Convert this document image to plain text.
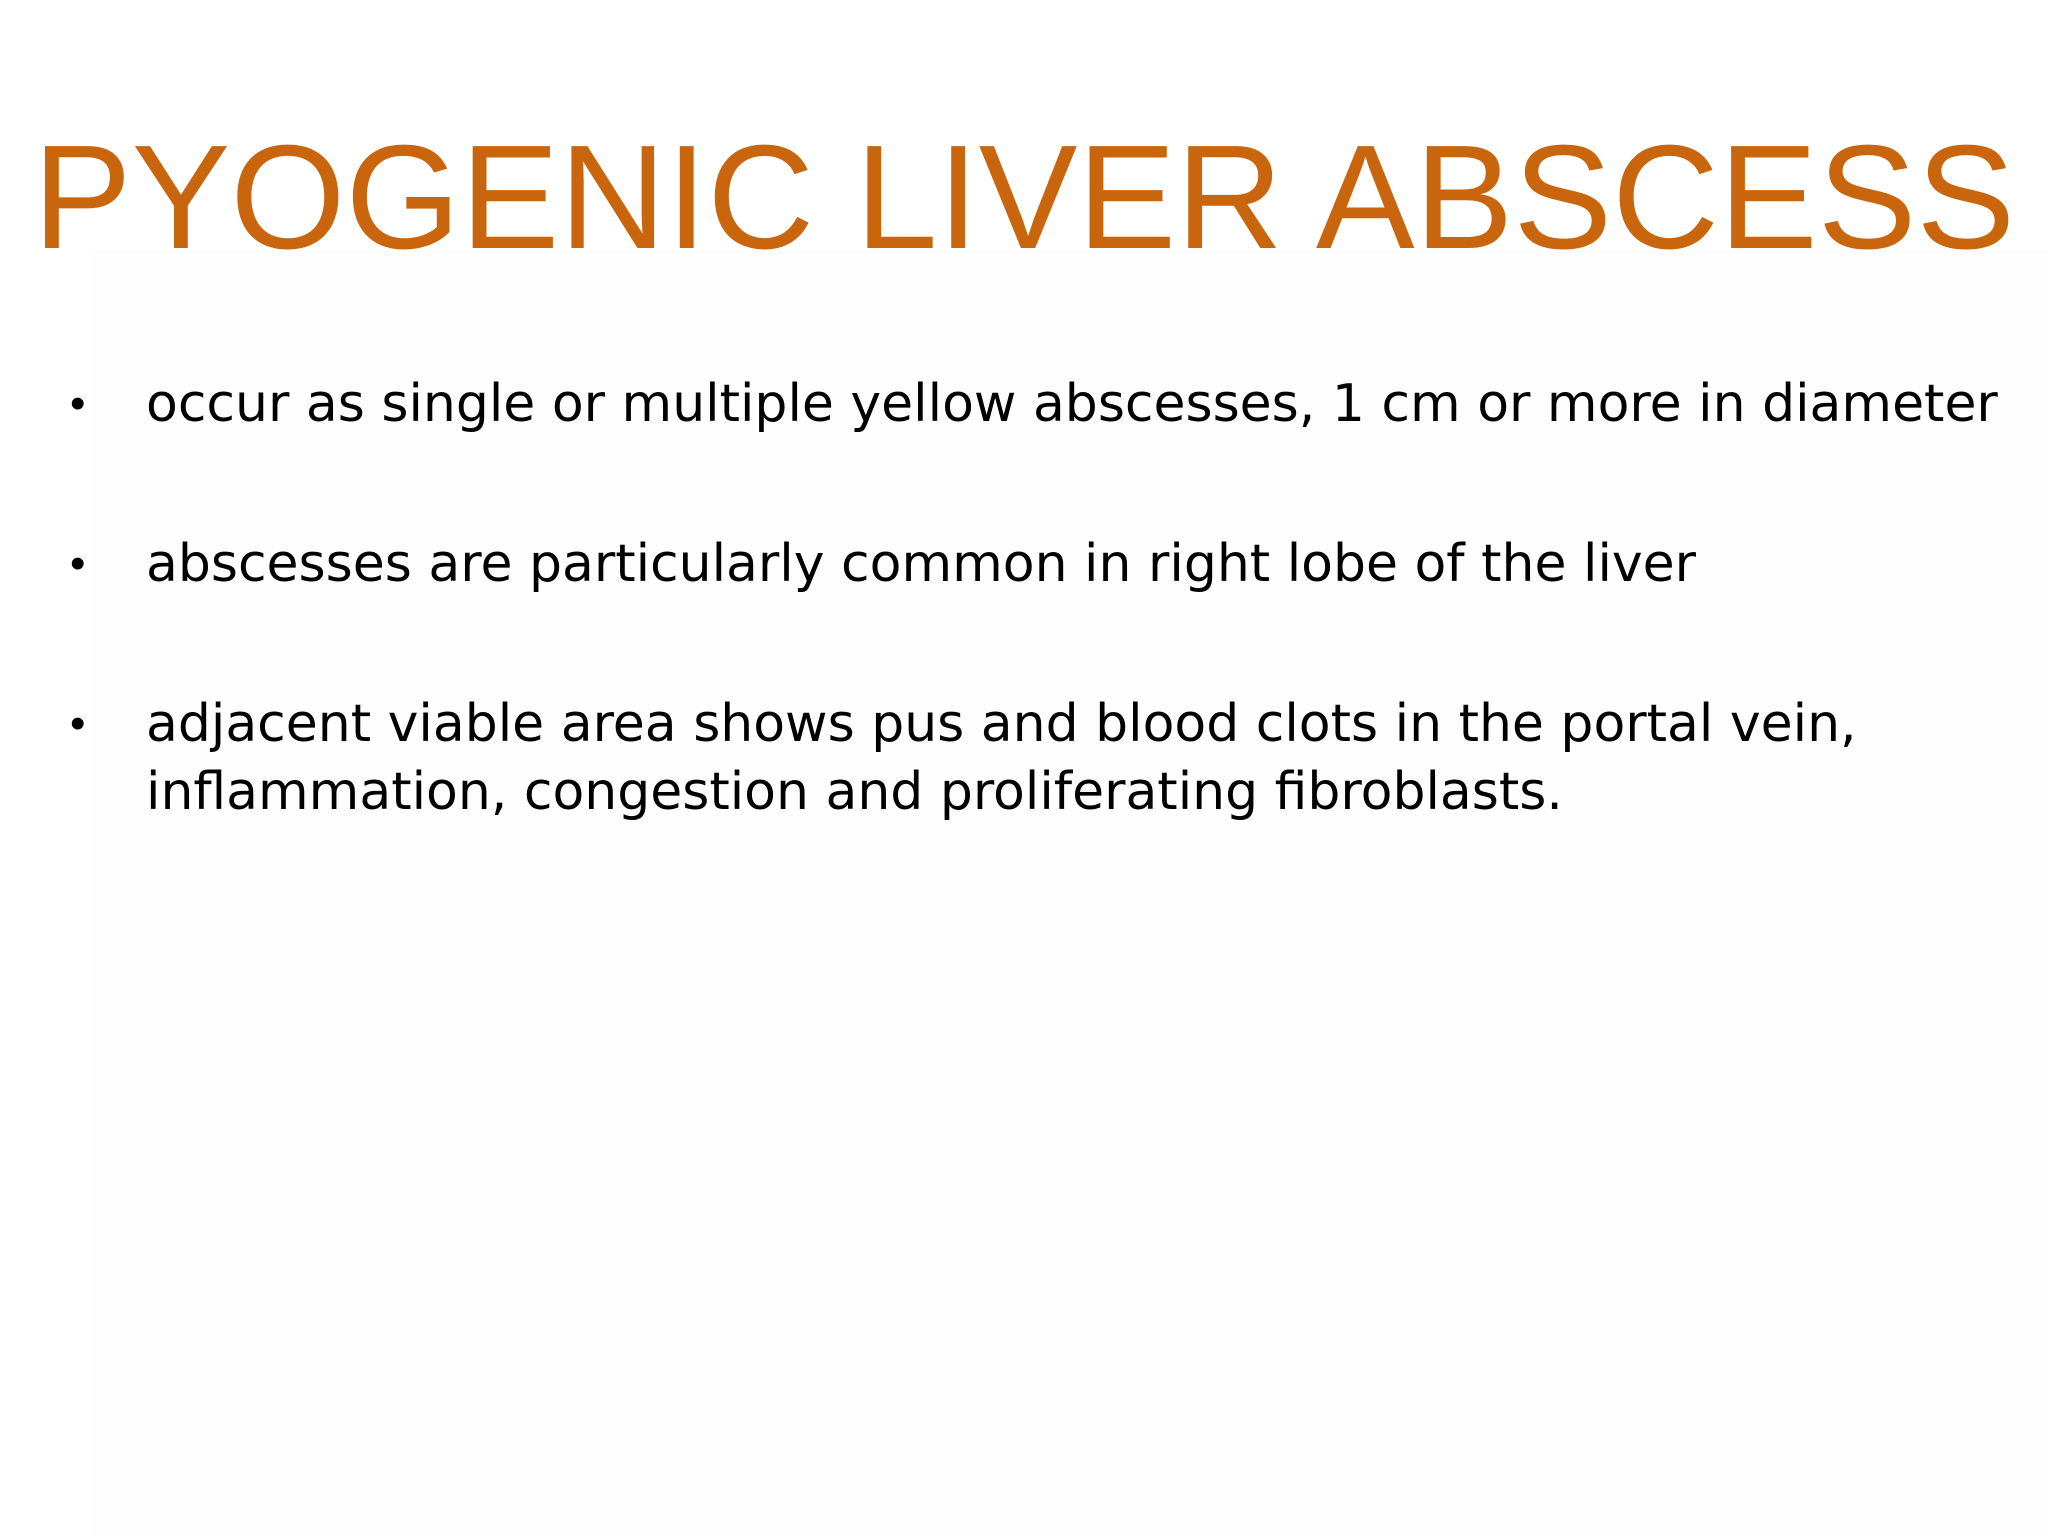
PYOGENIC LIVER ABSCESS
• occur as single or multiple yellow abscesses, 1 cm or more in diameter
• abscesses are particularly common in right lobe of the liver
• adjacent viable area shows pus and blood clots in the portal vein, inflammation, congestion and proliferating fibroblasts.
